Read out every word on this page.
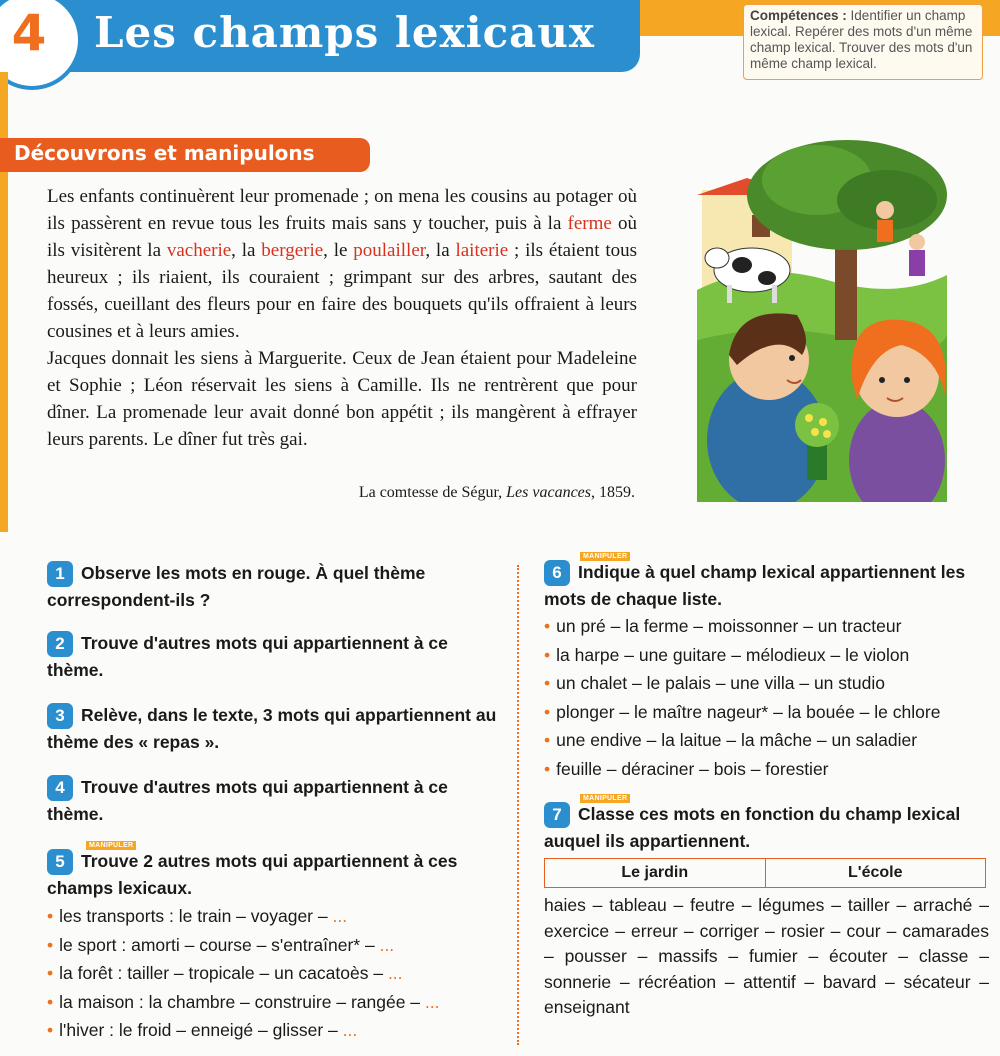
Les champs lexicaux
4	Compétences : Identifier un champ lexical. Repérer des mots d'un même champ lexical. Trouver des mots d'un même champ lexical.
Découvrons et manipulons

Les enfants continuèrent leur promenade ; on mena les cousins au potager où ils passèrent en revue tous les fruits mais sans y toucher, puis à la ferme où ils visitèrent la vacherie, la bergerie, le poulailler, la laiterie ; ils étaient tous heureux ; ils riaient, ils couraient ; grimpant sur des arbres, sautant des fossés, cueillant des fleurs pour en faire des bouquets qu'ils offraient à leurs cousines et à leurs amies.

Jacques donnait les siens à Marguerite. Ceux de Jean étaient pour Madeleine et Sophie ; Léon réservait les siens à Camille. Ils ne rentrèrent que pour dîner. La promenade leur avait donné bon appétit ; ils mangèrent à effrayer leurs parents. Le dîner fut très gai.

La comtesse de Ségur, Les vacances, 1859.
1 Observe les mots en rouge. À quel thème correspondent-ils ?
2 Trouve d'autres mots qui appartiennent à ce thème.
3 Relève, dans le texte, 3 mots qui appartiennent au thème des « repas ».
4 Trouve d'autres mots qui appartiennent à ce thème.
MANIPULER
5 Trouve 2 autres mots qui appartiennent à ces champs lexicaux.
• les transports : le train – voyager – ...
• le sport : amorti – course – s'entraîner* – ...
• la forêt : tailler – tropicale – un cacatoès – ...
• la maison : la chambre – construire – rangée – ...
• l'hiver : le froid – enneigé – glisser – ...
MANIPULER
6 Indique à quel champ lexical appartiennent les mots de chaque liste.
• un pré – la ferme – moissonner – un tracteur
• la harpe – une guitare – mélodieux – le violon
• un chalet – le palais – une villa – un studio
• plonger – le maître nageur* – la bouée – le chlore
• une endive – la laitue – la mâche – un saladier
• feuille – déraciner – bois – forestier
MANIPULER
7 Classe ces mots en fonction du champ lexical auquel ils appartiennent.
Le jardin	L'école
haies – tableau – feutre – légumes – tailler – arraché – exercice – erreur – corriger – rosier – cour – camarades – pousser – massifs – fumier – écouter – classe – sonnerie – récréation – attentif – bavard – sécateur – enseignant
